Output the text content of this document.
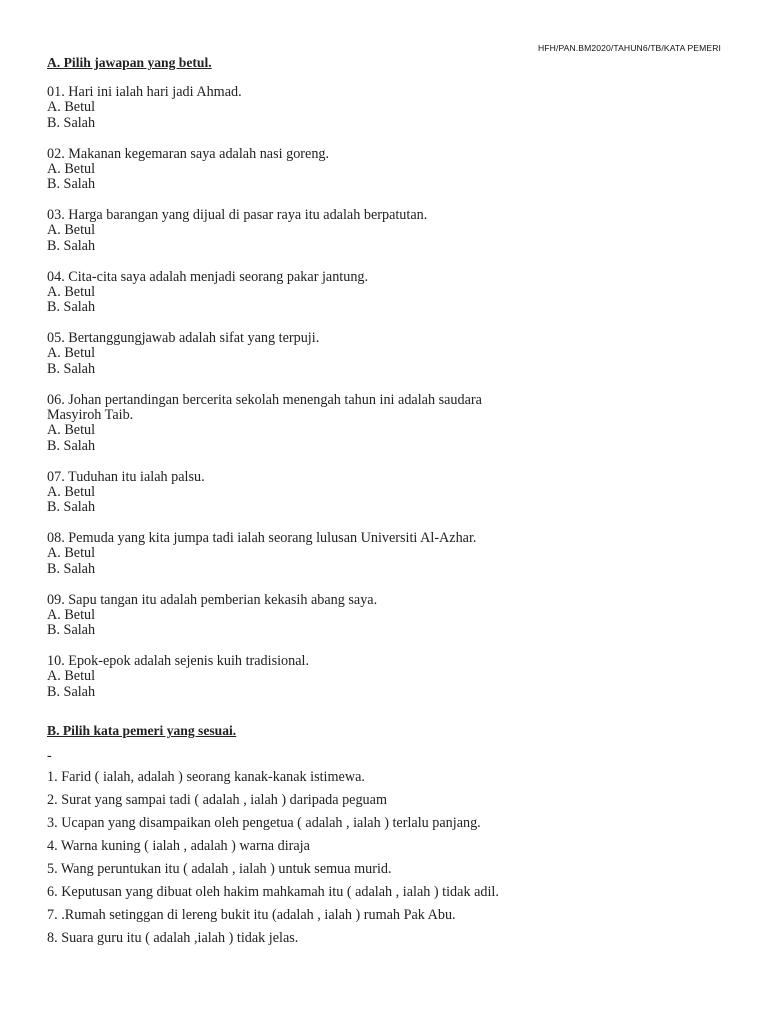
HFH/PAN.BM2020/TAHUN6/TB/KATA PEMERI

A. Pilih jawapan yang betul.

01. Hari ini ialah hari jadi Ahmad.

A. Betul

B. Salah

02. Makanan kegemaran saya adalah nasi goreng.

A. Betul

B. Salah

03. Harga barangan yang dijual di pasar raya itu adalah berpatutan.

A. Betul

B. Salah

04. Cita-cita saya adalah menjadi seorang pakar jantung.

A. Betul

B. Salah

05. Bertanggungjawab adalah sifat yang terpuji.

A. Betul

B. Salah

06. Johan pertandingan bercerita sekolah menengah tahun ini adalah saudara
Masyiroh Taib.

A. Betul

B. Salah

07. Tuduhan itu ialah palsu.

A. Betul

B. Salah

08. Pemuda yang kita jumpa tadi ialah seorang lulusan Universiti Al-Azhar.

A. Betul

B. Salah

09. Sapu tangan itu adalah pemberian kekasih abang saya.

A. Betul

B. Salah

10. Epok-epok adalah sejenis kuih tradisional.

A. Betul

B. Salah

B. Pilih kata pemeri yang sesuai.

-

1. Farid ( ialah, adalah ) seorang kanak-kanak istimewa.

2. Surat yang sampai tadi ( adalah , ialah ) daripada peguam

3. Ucapan yang disampaikan oleh pengetua ( adalah , ialah ) terlalu panjang.

4. Warna kuning ( ialah , adalah ) warna diraja

5. Wang peruntukan itu ( adalah , ialah ) untuk semua murid.

6. Keputusan yang dibuat oleh hakim mahkamah itu ( adalah , ialah ) tidak adil.

7. .Rumah setinggan di lereng bukit itu (adalah , ialah ) rumah Pak Abu.

8. Suara guru itu ( adalah ,ialah ) tidak jelas.
